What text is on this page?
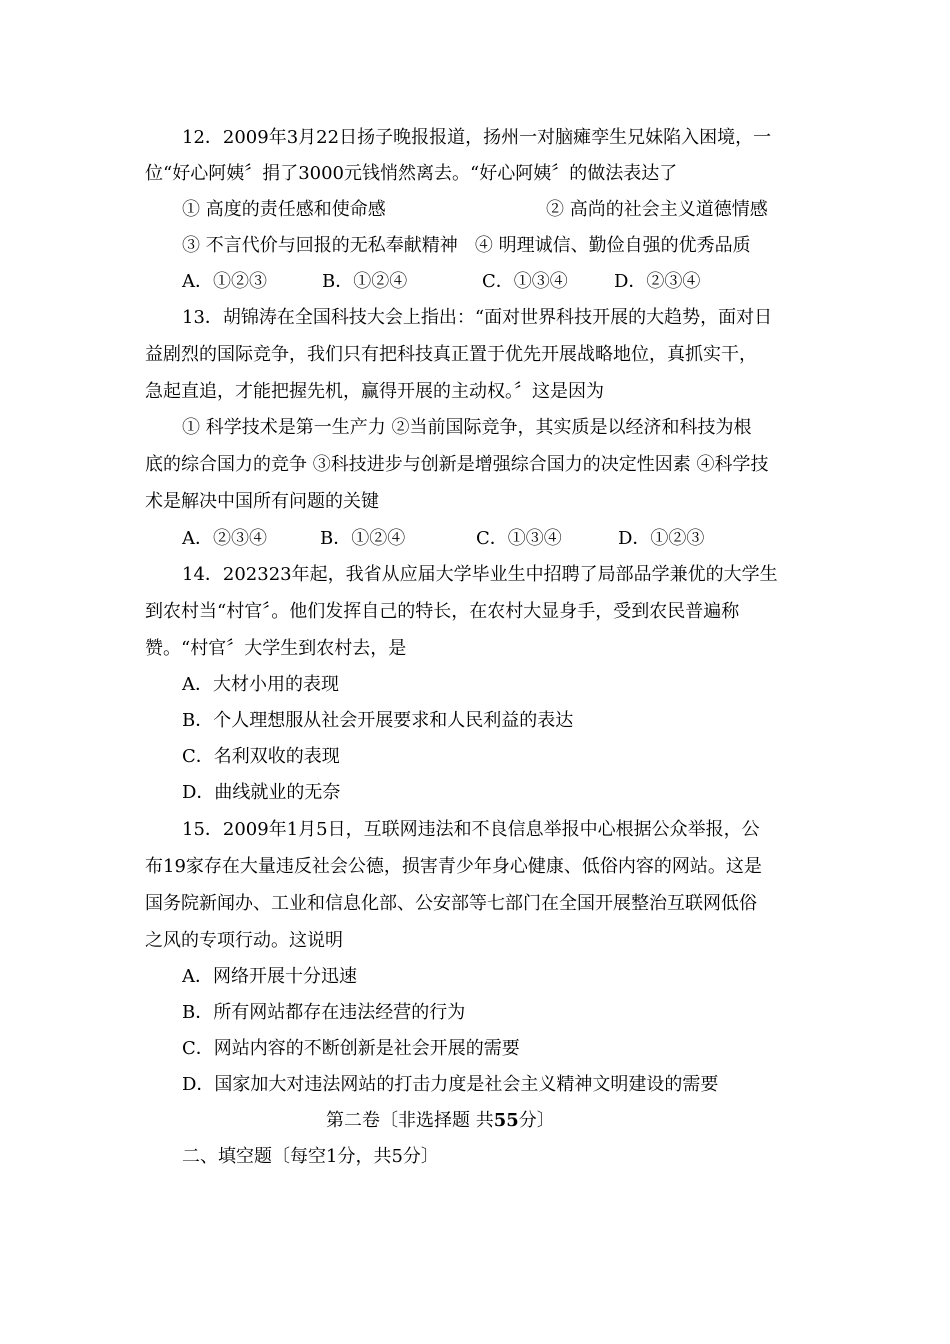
12．2009年3月22日扬子晚报报道，扬州一对脑瘫孪生兄妹陷入困境，一
位“好心阿姨〞捐了3000元钱悄然离去。“好心阿姨〞的做法表达了
① 高度的责任感和使命感	② 高尚的社会主义道德情感
③ 不言代价与回报的无私奉献精神 ④ 明理诚信、勤俭自强的优秀品质
A．①②③	B．①②④	C．①③④	D．②③④
13．胡锦涛在全国科技大会上指出：“面对世界科技开展的大趋势，面对日
益剧烈的国际竞争，我们只有把科技真正置于优先开展战略地位，真抓实干，
急起直追，才能把握先机，赢得开展的主动权。〞这是因为
① 科学技术是第一生产力 ②当前国际竞争，其实质是以经济和科技为根
底的综合国力的竞争 ③科技进步与创新是增强综合国力的决定性因素 ④科学技
术是解决中国所有问题的关键
A．②③④	B．①②④	C．①③④	D．①②③
14．202323年起，我省从应届大学毕业生中招聘了局部品学兼优的大学生
到农村当“村官〞。他们发挥自己的特长，在农村大显身手，受到农民普遍称
赞。“村官〞大学生到农村去，是
A．大材小用的表现
B．个人理想服从社会开展要求和人民利益的表达
C．名利双收的表现
D．曲线就业的无奈
15．2009年1月5日，互联网违法和不良信息举报中心根据公众举报，公
布19家存在大量违反社会公德，损害青少年身心健康、低俗内容的网站。这是
国务院新闻办、工业和信息化部、公安部等七部门在全国开展整治互联网低俗
之风的专项行动。这说明
A．网络开展十分迅速
B．所有网站都存在违法经营的行为
C．网站内容的不断创新是社会开展的需要
D．国家加大对违法网站的打击力度是社会主义精神文明建设的需要
第二卷〔非选择题 共55分〕
二、填空题〔每空1分，共5分〕
